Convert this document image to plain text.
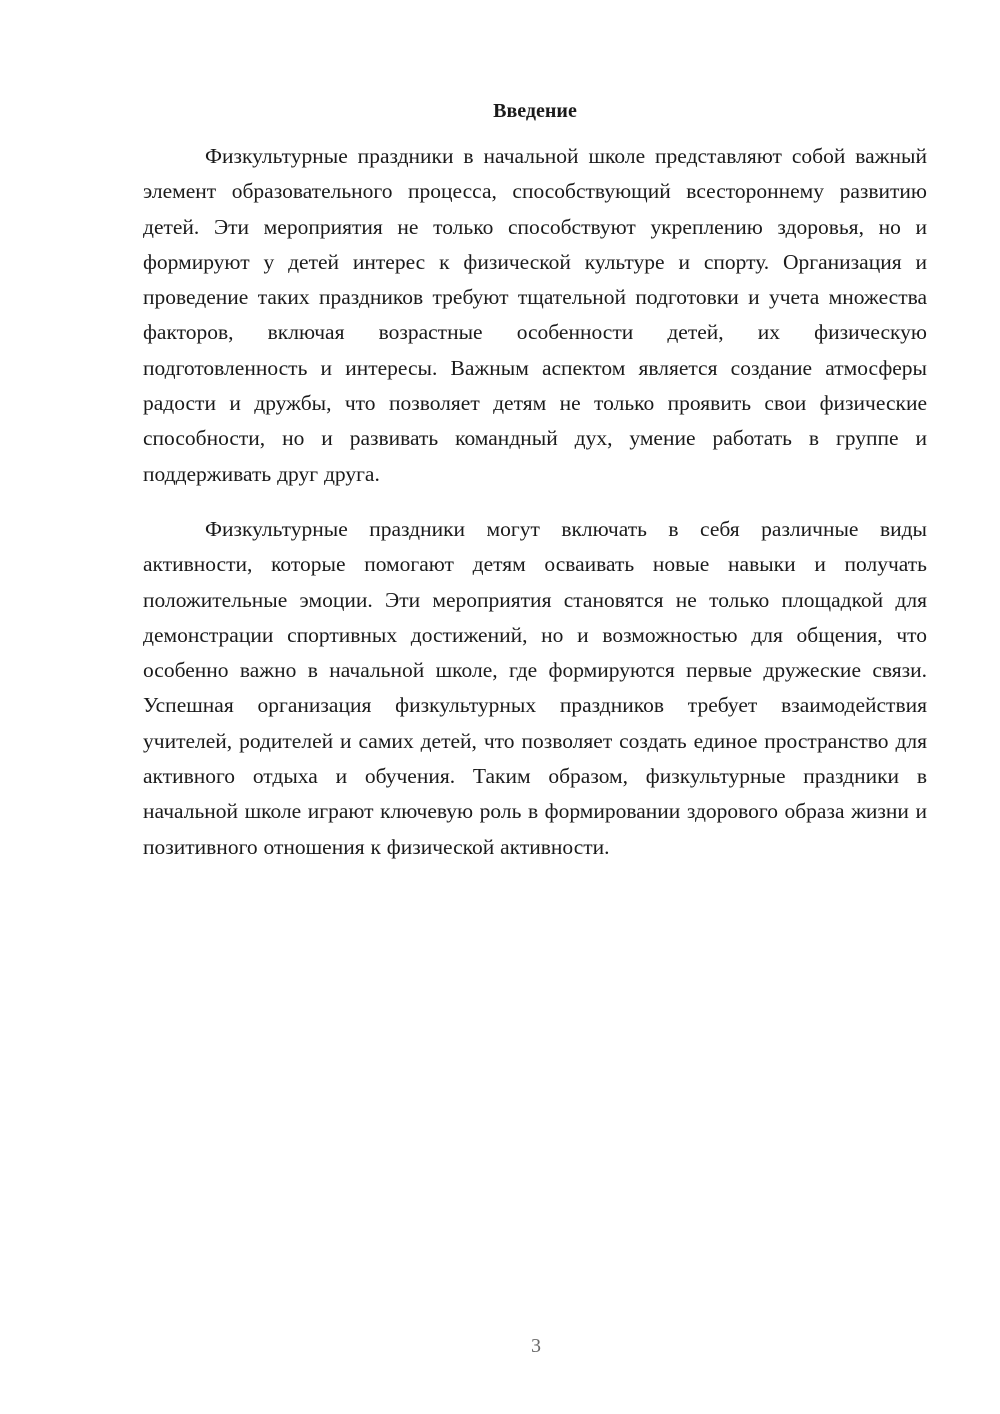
Введение

Физкультурные праздники в начальной школе представляют собой важный элемент образовательного процесса, способствующий всестороннему развитию детей. Эти мероприятия не только способствуют укреплению здоровья, но и формируют у детей интерес к физической культуре и спорту. Организация и проведение таких праздников требуют тщательной подготовки и учета множества факторов, включая возрастные особенности детей, их физическую подготовленность и интересы. Важным аспектом является создание атмосферы радости и дружбы, что позволяет детям не только проявить свои физические способности, но и развивать командный дух, умение работать в группе и поддерживать друг друга.

Физкультурные праздники могут включать в себя различные виды активности, которые помогают детям осваивать новые навыки и получать положительные эмоции. Эти мероприятия становятся не только площадкой для демонстрации спортивных достижений, но и возможностью для общения, что особенно важно в начальной школе, где формируются первые дружеские связи. Успешная организация физкультурных праздников требует взаимодействия учителей, родителей и самих детей, что позволяет создать единое пространство для активного отдыха и обучения. Таким образом, физкультурные праздники в начальной школе играют ключевую роль в формировании здорового образа жизни и позитивного отношения к физической активности.

3
